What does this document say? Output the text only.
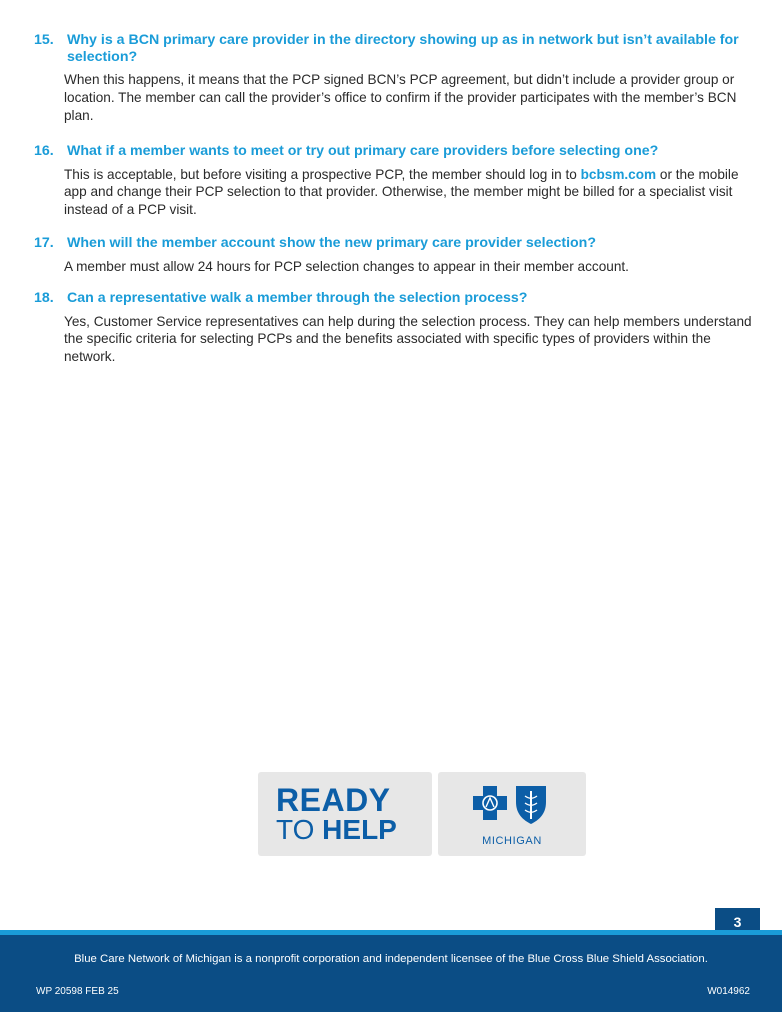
15. Why is a BCN primary care provider in the directory showing up as in network but isn’t available for selection?

When this happens, it means that the PCP signed BCN’s PCP agreement, but didn’t include a provider group or location. The member can call the provider’s office to confirm if the provider participates with the member’s BCN plan.

16. What if a member wants to meet or try out primary care providers before selecting one?

This is acceptable, but before visiting a prospective PCP, the member should log in to bcbsm.com or the mobile app and change their PCP selection to that provider. Otherwise, the member might be billed for a specialist visit instead of a PCP visit.

17. When will the member account show the new primary care provider selection?

A member must allow 24 hours for PCP selection changes to appear in their member account.

18. Can a representative walk a member through the selection process?

Yes, Customer Service representatives can help during the selection process. They can help members understand the specific criteria for selecting PCPs and the benefits associated with specific types of providers within the network.

READY
TO HELP	MICHIGAN
3
Blue Care Network of Michigan is a nonprofit corporation and independent licensee of the Blue Cross Blue Shield Association.
WP 20598 FEB 25	W014962
